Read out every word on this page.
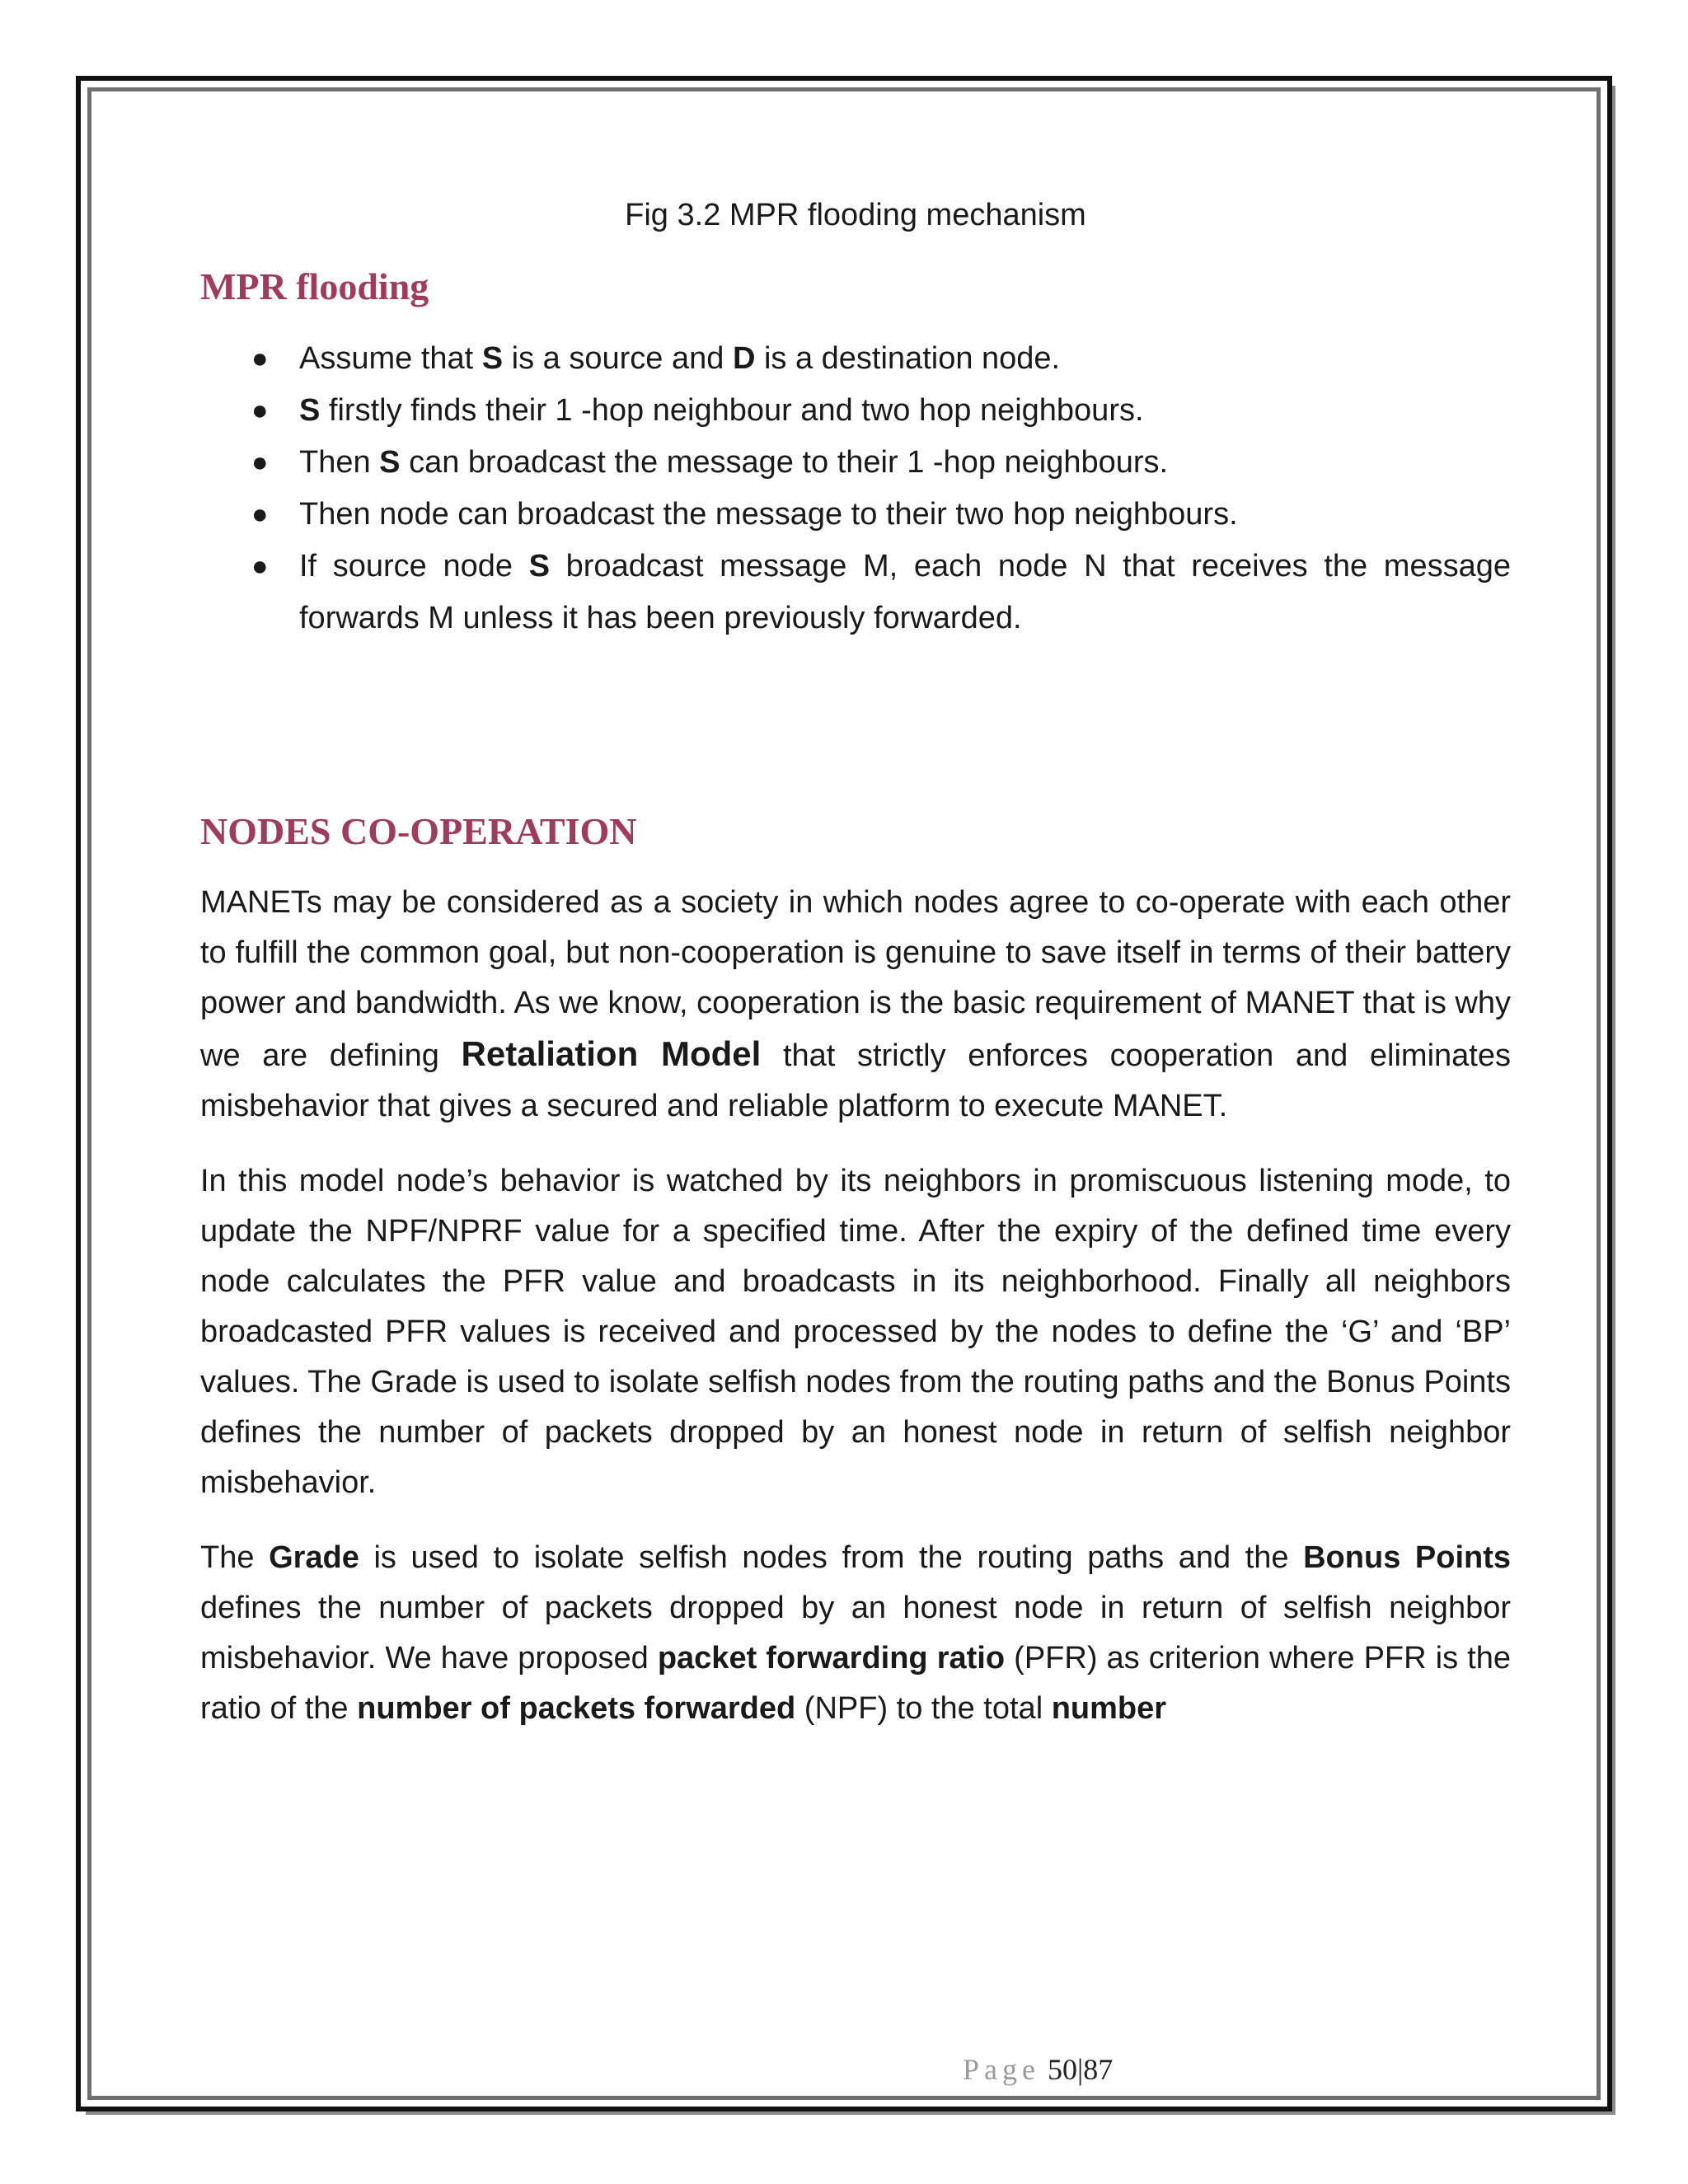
Fig 3.2 MPR flooding mechanism
MPR flooding
● Assume that S is a source and D is a destination node.
● S firstly finds their 1 -hop neighbour and two hop neighbours.
● Then S can broadcast the message to their 1 -hop neighbours.
● Then node can broadcast the message to their two hop neighbours.
● If source node S broadcast message M, each node N that receives the message forwards M unless it has been previously forwarded.
NODES CO-OPERATION

MANETs may be considered as a society in which nodes agree to co-operate with each other to fulfill the common goal, but non-cooperation is genuine to save itself in terms of their battery power and bandwidth. As we know, cooperation is the basic requirement of MANET that is why we are defining Retaliation Model that strictly enforces cooperation and eliminates misbehavior that gives a secured and reliable platform to execute MANET.

In this model node’s behavior is watched by its neighbors in promiscuous listening mode, to update the NPF/NPRF value for a specified time. After the expiry of the defined time every node calculates the PFR value and broadcasts in its neighborhood. Finally all neighbors broadcasted PFR values is received and processed by the nodes to define the ‘G’ and ‘BP’ values. The Grade is used to isolate selfish nodes from the routing paths and the Bonus Points defines the number of packets dropped by an honest node in return of selfish neighbor misbehavior.

The Grade is used to isolate selfish nodes from the routing paths and the Bonus Points defines the number of packets dropped by an honest node in return of selfish neighbor misbehavior. We have proposed packet forwarding ratio (PFR) as criterion where PFR is the ratio of the number of packets forwarded (NPF) to the total number

Page 50|87
